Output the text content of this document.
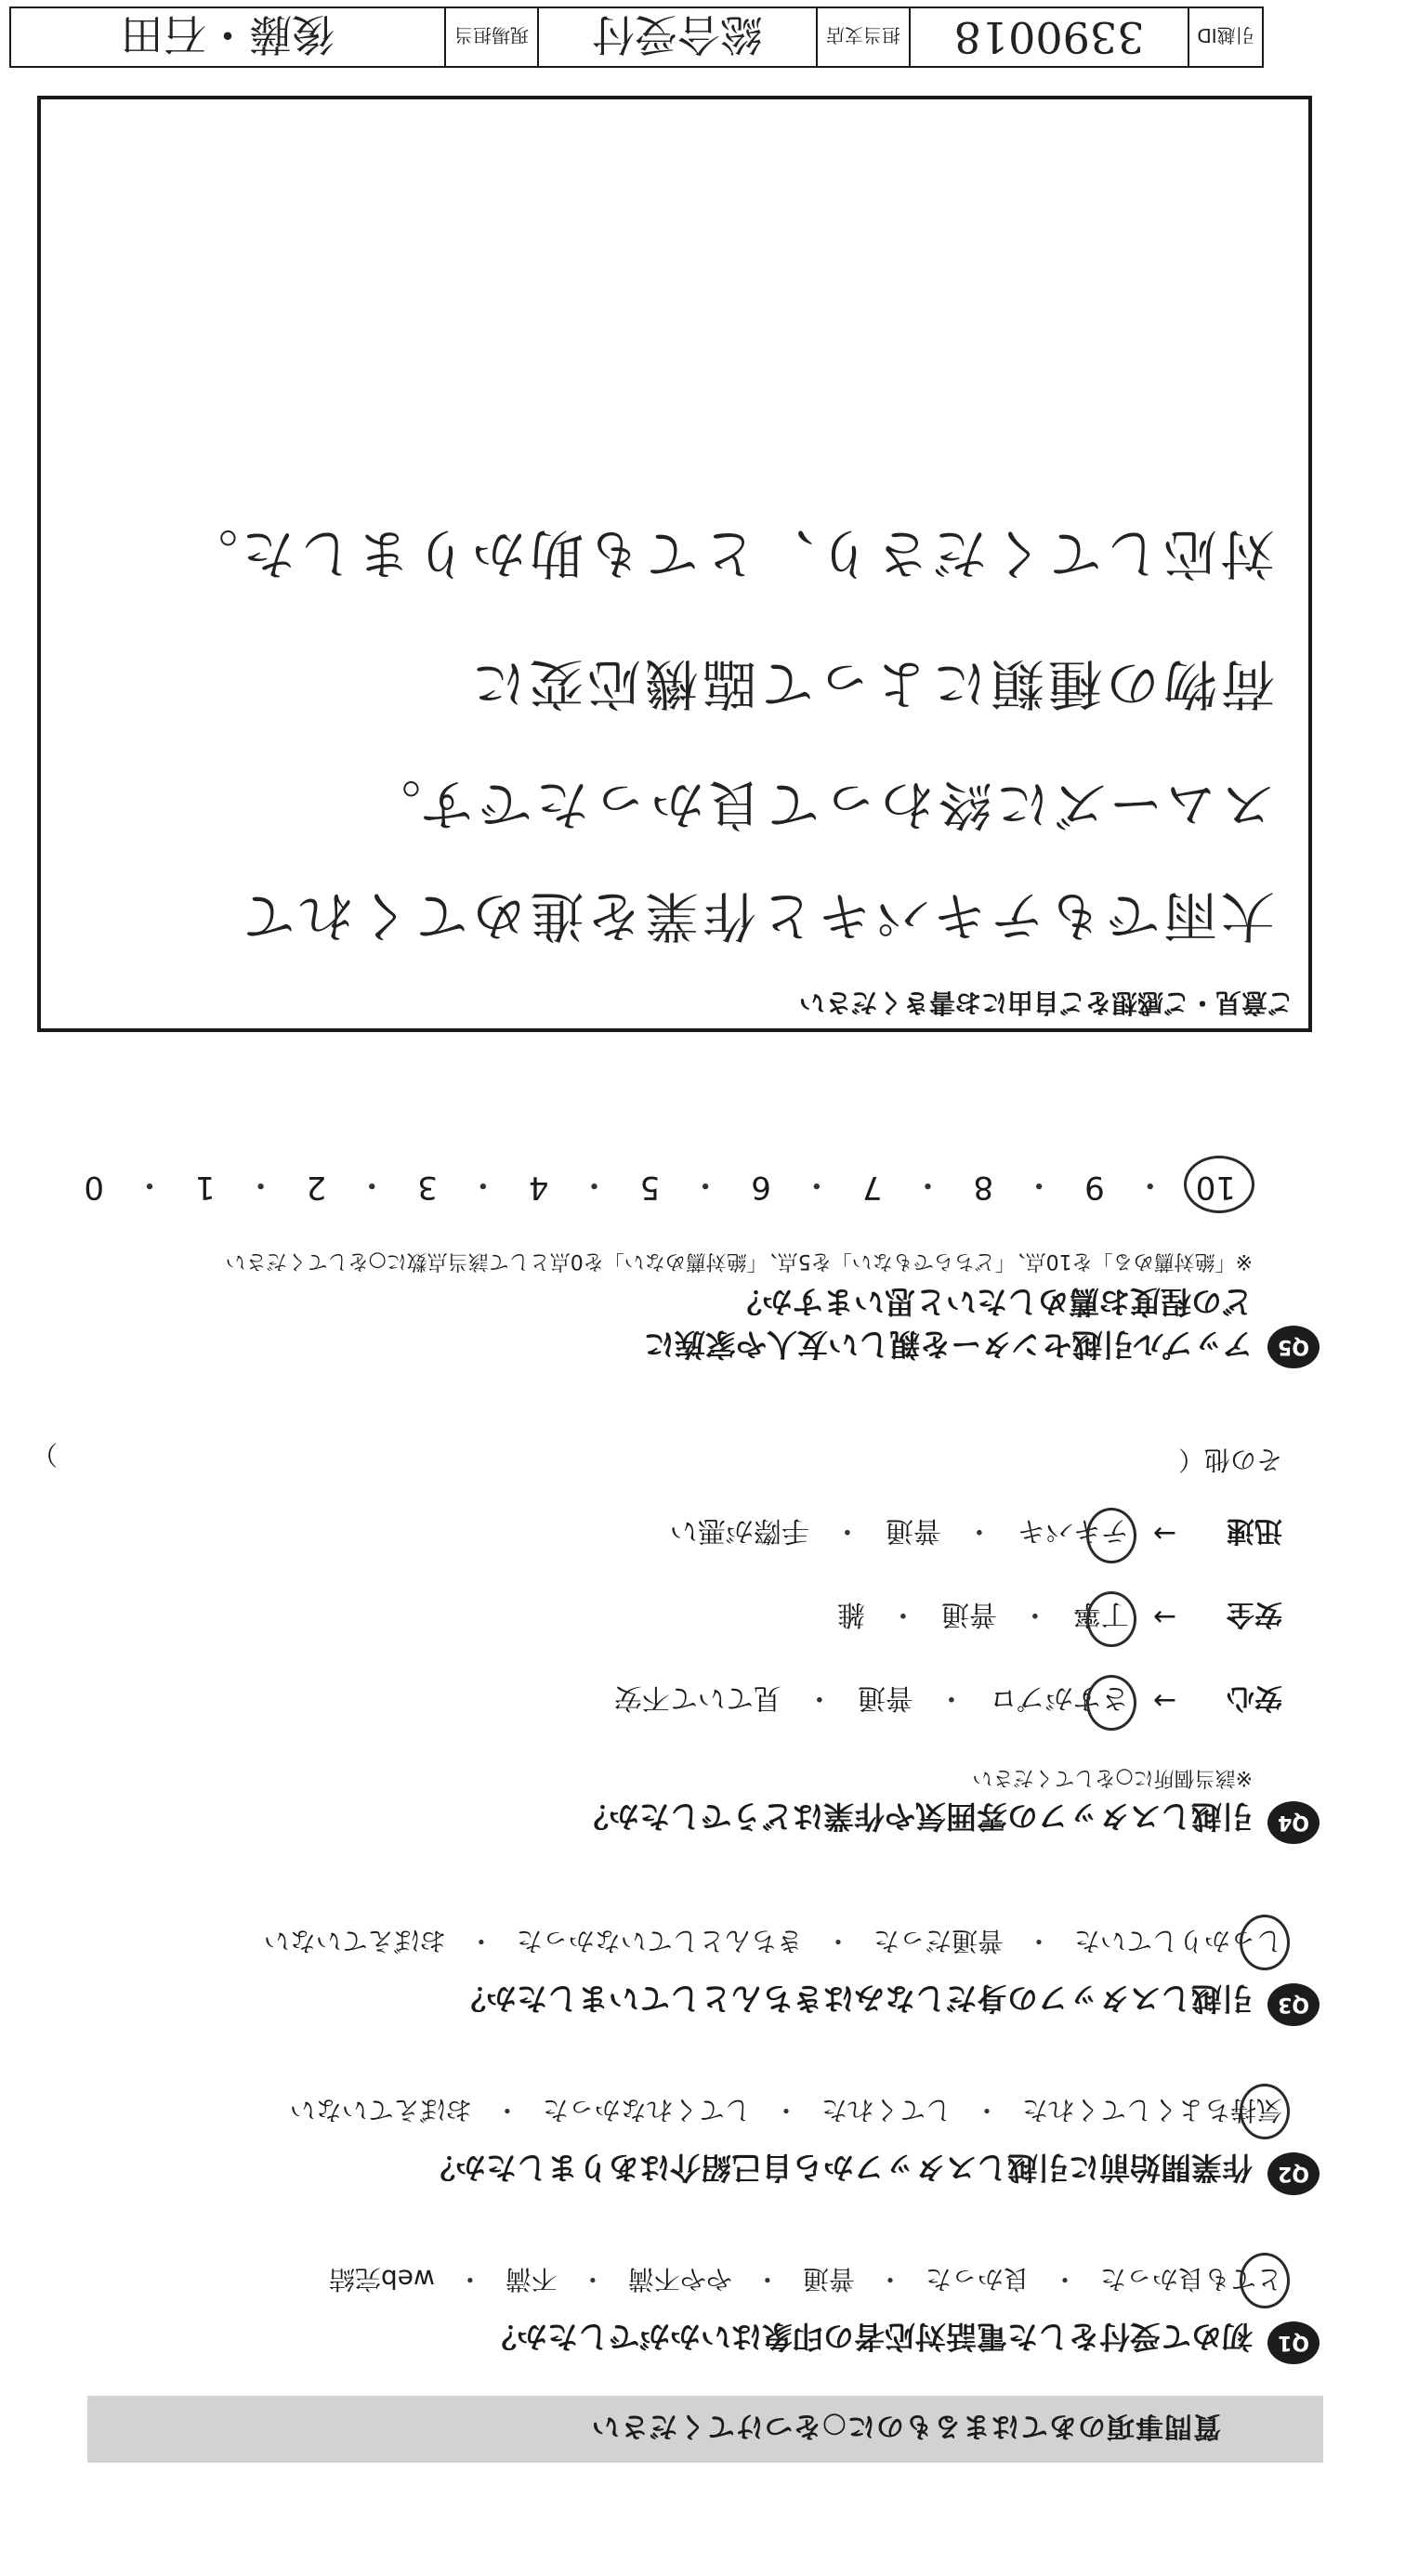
質問事項のあてはまるものに○をつけてください
Q1
初めて受付をした電話対応者の印象はいかがでしたか？
とても良かった
・
良かった
・
普通
・
やや不満
・
不満
・
web完結
Q2
作業開始前に引越しスタッフから自己紹介はありましたか？
気持ちよくしてくれた
・
してくれた
・
してくれなかった
・
おぼえていない
Q3
引越しスタッフの身だしなみはきちんとしていましたか？
しっかりしていた
・
普通だった
・
きちんとしていなかった
・
おぼえていない
Q4
引越しスタッフの雰囲気や作業はどうでしたか？
※該当個所に○をしてください
安心
→
さすがプロ
・
普通
・
見ていて不安
安全
→
丁寧
・
普通
・
雑
迅速
→
テキパキ
・
普通
・
手際が悪い
その他（
）
Q5
アップル引越センターを親しい友人や家族に
どの程度お薦めしたいと思いますか？
※「絶対薦める」を10点、「どちらでもない」を5点、「絶対薦めない」を0点として該当点数に○をしてください
10
・
9
・
8
・
7
・
6
・
5
・
4
・
3
・
2
・
1
・
0
ご意見・ご感想をご自由にお書きください
大雨でもテキパキと作業を進めてくれて
スムーズに終わって良かったです。
荷物の種類によって臨機応変に
対応してくださり、とても助かりました。
引越ID
3390018
担当支店
総合受付
現場担当
後藤・石田
